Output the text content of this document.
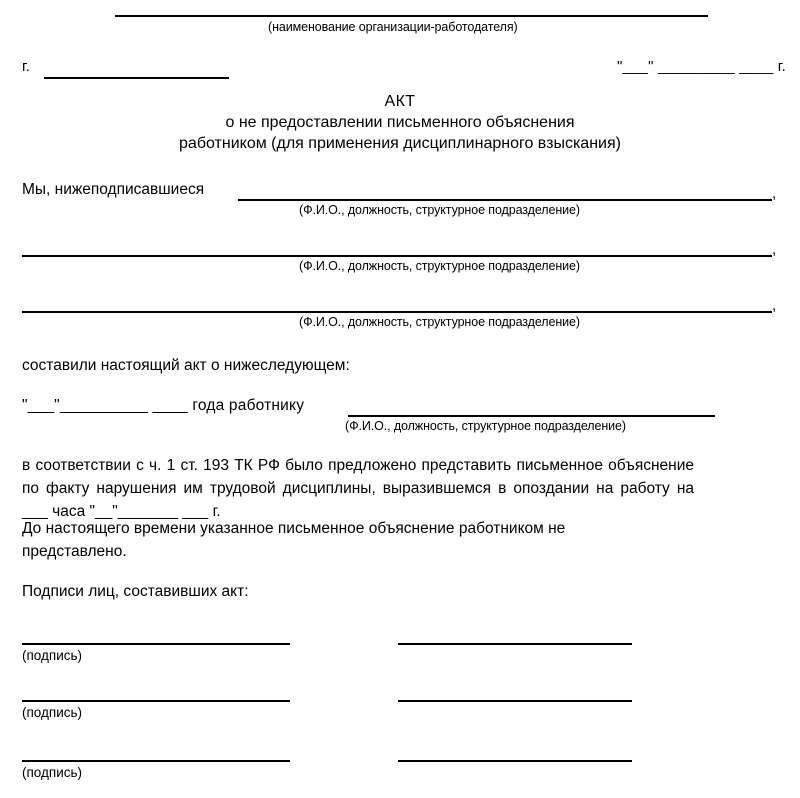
(наименование организации-работодателя)
г.	"___" _________ ____ г.
АКТ
о не предоставлении письменного объяснения
работником (для применения дисциплинарного взыскания)
Мы, нижеподписавшиеся	,
(Ф.И.О., должность, структурное подразделение)
,
(Ф.И.О., должность, структурное подразделение)
,
(Ф.И.О., должность, структурное подразделение)
составили настоящий акт о нижеследующем:
"___"__________ ____ года работнику
(Ф.И.О., должность, структурное подразделение)
в соответствии с ч. 1 ст. 193 ТК РФ было предложено представить письменное объяснение по факту нарушения им трудовой дисциплины, выразившемся в опоздании на работу на ___ часа "__"_______ ___ г.
До настоящего времени указанное письменное объяснение работником не
представлено.
Подписи лиц, составивших акт:
(подпись)
(подпись)
(подпись)
